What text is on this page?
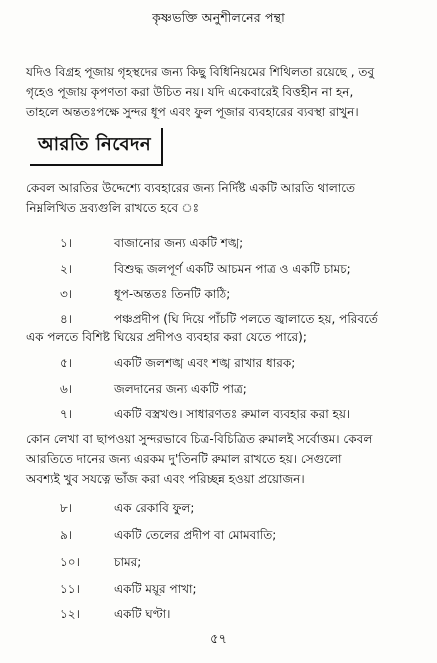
কৃষ্ণভক্তি অনুশীলনের পন্থা
যদিও বিগ্রহ পূজায় গৃহস্থদের জন্য কিছু বিধিনিয়মের শিথিলতা রয়েছে , তবু
গৃহেও পূজায় কৃপণতা করা উচিত নয়। যদি একেবারেই বিত্তহীন না হন,
তাহলে অন্ততঃপক্ষে সুন্দর ধূপ এবং ফুল পূজার ব্যবহারের ব্যবস্থা রাখুন।
আরতি নিবেদন
কেবল আরতির উদ্দেশ্যে ব্যবহারের জন্য নির্দিষ্ট একটি আরতি থালাতে
নিম্নলিখিত দ্রব্যগুলি রাখতে হবে ঃ
১।	বাজানোর জন্য একটি শঙ্খ;
২।	বিশুদ্ধ জলপূর্ণ একটি আচমন পাত্র ও একটি চামচ;
৩।	ধূপ-অন্ততঃ তিনটি কাঠি;
৪।	পঞ্চপ্রদীপ (ঘি দিয়ে পাঁচটি পলতে জ্বালাতে হয়, পরিবর্তে
এক পলতে বিশিষ্ট ঘিয়ের প্রদীপও ব্যবহার করা যেতে পারে);
৫।	একটি জলশঙ্খ এবং শঙ্খ রাখার ধারক;
৬।	জলদানের জন্য একটি পাত্র;
৭।	একটি বস্ত্রখণ্ড। সাধারণতঃ রুমাল ব্যবহার করা হয়।
কোন লেখা বা ছাপওয়া সুন্দরভাবে চিত্র-বিচিত্রিত রুমালই সর্বোত্তম। কেবল
আরতিতে দানের জন্য এরকম দু'তিনটি রুমাল রাখতে হয়। সেগুলো
অবশ্যই খুব সযত্নে ভাঁজ করা এবং পরিচ্ছন্ন হওয়া প্রয়োজন।
৮।	এক রেকাবি ফুল;
৯।	একটি তেলের প্রদীপ বা মোমবাতি;
১০।	চামর;
১১।	একটি ময়ূর পাখা;
১২।	একটি ঘণ্টা।
৫৭
